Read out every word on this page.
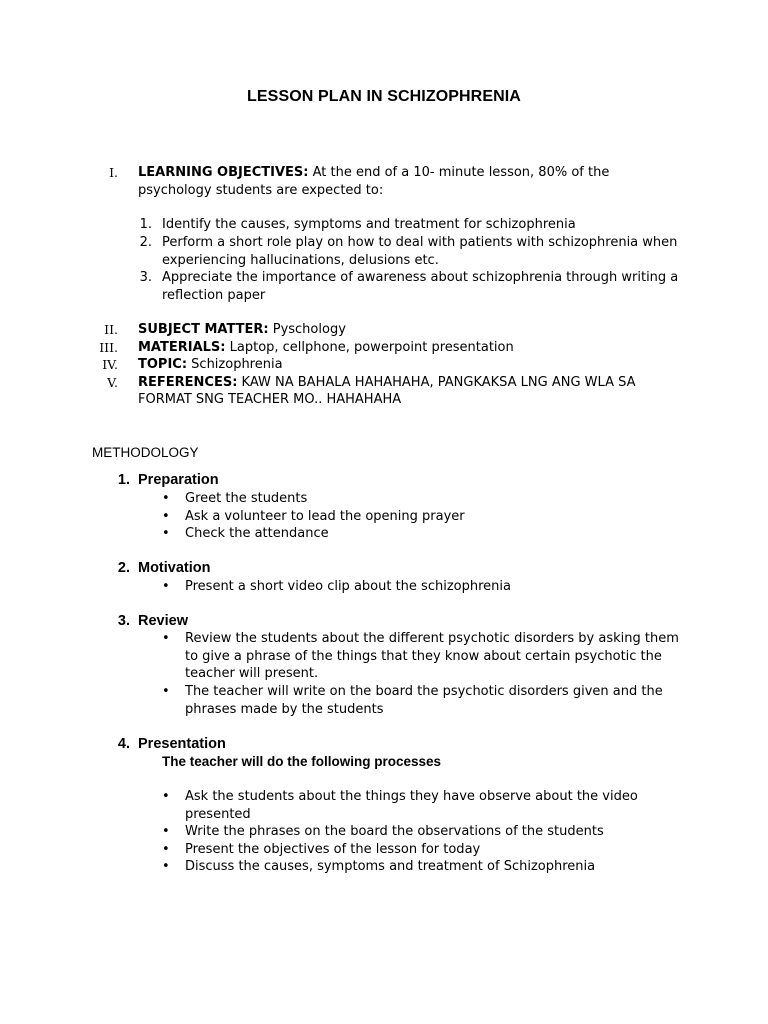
LESSON PLAN IN SCHIZOPHRENIA
I. LEARNING OBJECTIVES: At the end of a 10- minute lesson, 80% of the
psychology students are expected to:
1. Identify the causes, symptoms and treatment for schizophrenia
2. Perform a short role play on how to deal with patients with schizophrenia when
experiencing hallucinations, delusions etc.
3. Appreciate the importance of awareness about schizophrenia through writing a
reflection paper
II. SUBJECT MATTER: Pyschology
III. MATERIALS: Laptop, cellphone, powerpoint presentation
IV. TOPIC: Schizophrenia
V. REFERENCES: KAW NA BAHALA HAHAHAHA, PANGKAKSA LNG ANG WLA SA
FORMAT SNG TEACHER MO.. HAHAHAHA
METHODOLOGY
1. Preparation
• Greet the students
• Ask a volunteer to lead the opening prayer
• Check the attendance
2. Motivation
• Present a short video clip about the schizophrenia
3. Review
• Review the students about the different psychotic disorders by asking them
to give a phrase of the things that they know about certain psychotic the
teacher will present.
• The teacher will write on the board the psychotic disorders given and the
phrases made by the students
4. Presentation
The teacher will do the following processes
• Ask the students about the things they have observe about the video
presented
• Write the phrases on the board the observations of the students
• Present the objectives of the lesson for today
• Discuss the causes, symptoms and treatment of Schizophrenia
